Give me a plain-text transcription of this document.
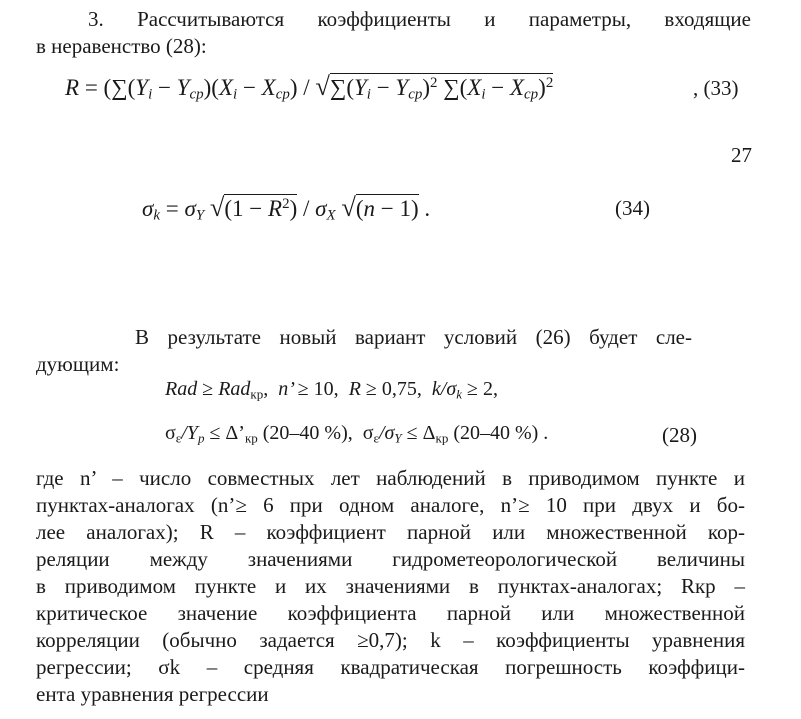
3. Рассчитываются коэффициенты и параметры, входящие
в неравенство (28):
$R = (\sum(Y_i - Y_{ср})(X_i - X_{ср}) / √\sum(Y_i - Y_{ср})^2$ $\sum(X_i - X_{ср})^2$	, (33)
27
$\sigma_k = \sigma_Y$ $√(1 - R^2) / \sigma_X$ √(n − 1) .	(34)
В результате новый вариант условий (26) будет сле-
дующим:
Rad ≥ Rad$_{кр}$,  n’ ≥ 10,  R ≥ 0,75,  $k/\sigma_k \ge 2$,
$\sigma_\varepsilon/Y_p$ ≤ $\Delta’_{кр}$ (20–40 %), $\sigma_\varepsilon/\sigma_Y \le \Delta_{кр}$ (20–40 %) .	(28)
где n’ – число совместных лет наблюдений в приводимом пункте и
пунктах-аналогах (n’≥ 6 при одном аналоге, n’≥ 10 при двух и бо-
лее аналогах); R – коэффициент парной или множественной кор-
реляции между значениями гидрометеорологической величины
в приводимом пункте и их значениями в пунктах-аналогах; Rкр –
критическое значение коэффициента парной или множественной
корреляции (обычно задается ≥0,7); k – коэффициенты уравнения
регрессии; σk – средняя квадратическая погрешность коэффици-
ента уравнения регрессии
